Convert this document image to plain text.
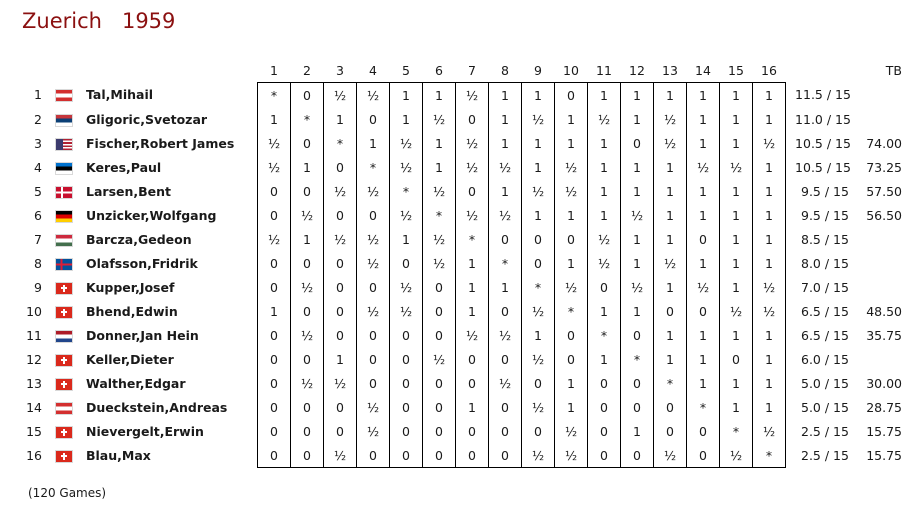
Zuerich   1959
			1	2	3	4	5	6	7	8	9	10	11	12	13	14	15	16		TB
1		Tal,Mihail	*	0	½	½	1	1	½	1	1	0	1	1	1	1	1	1	11.5 / 15	
2		Gligoric,Svetozar	1	*	1	0	1	½	0	1	½	1	½	1	½	1	1	1	11.0 / 15	
3		Fischer,Robert James	½	0	*	1	½	1	½	1	1	1	1	0	½	1	1	½	10.5 / 15	74.00
4		Keres,Paul	½	1	0	*	½	1	½	½	1	½	1	1	1	½	½	1	10.5 / 15	73.25
5		Larsen,Bent	0	0	½	½	*	½	0	1	½	½	1	1	1	1	1	1	9.5 / 15	57.50
6		Unzicker,Wolfgang	0	½	0	0	½	*	½	½	1	1	1	½	1	1	1	1	9.5 / 15	56.50
7		Barcza,Gedeon	½	1	½	½	1	½	*	0	0	0	½	1	1	0	1	1	8.5 / 15	
8		Olafsson,Fridrik	0	0	0	½	0	½	1	*	0	1	½	1	½	1	1	1	8.0 / 15	
9		Kupper,Josef	0	½	0	0	½	0	1	1	*	½	0	½	1	½	1	½	7.0 / 15	
10		Bhend,Edwin	1	0	0	½	½	0	1	0	½	*	1	1	0	0	½	½	6.5 / 15	48.50
11		Donner,Jan Hein	0	½	0	0	0	0	½	½	1	0	*	0	1	1	1	1	6.5 / 15	35.75
12		Keller,Dieter	0	0	1	0	0	½	0	0	½	0	1	*	1	1	0	1	6.0 / 15	
13		Walther,Edgar	0	½	½	0	0	0	0	½	0	1	0	0	*	1	1	1	5.0 / 15	30.00
14		Dueckstein,Andreas	0	0	0	½	0	0	1	0	½	1	0	0	0	*	1	1	5.0 / 15	28.75
15		Nievergelt,Erwin	0	0	0	½	0	0	0	0	0	½	0	1	0	0	*	½	2.5 / 15	15.75
16		Blau,Max	0	0	½	0	0	0	0	0	½	½	0	0	½	0	½	*	2.5 / 15	15.75
(120 Games)
